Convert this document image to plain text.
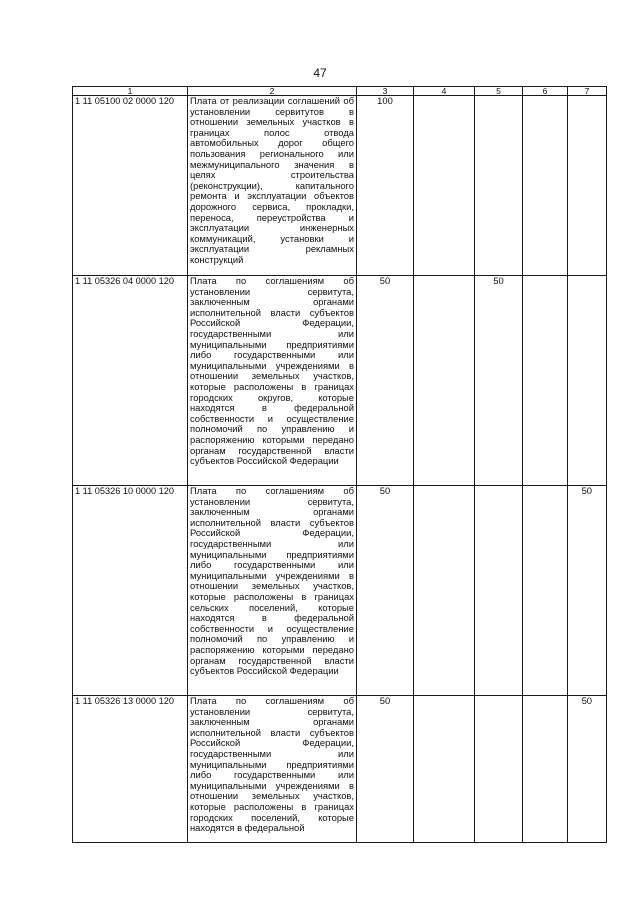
47
1	2	3	4	5	6	7
1 11 05100 02 0000 120	Плата от реализации соглашений об установлении сервитутов в отношении земельных участков в границах полос отвода автомобильных дорог общего пользования регионального или межмуниципального значения в целях строительства (реконструкции), капитального ремонта и эксплуатации объектов дорожного сервиса, прокладки, переноса, переустройства и эксплуатации инженерных коммуникаций, установки и эксплуатации рекламных конструкций	100				
1 11 05326 04 0000 120	Плата по соглашениям об установлении сервитута, заключенным органами исполнительной власти субъектов Российской Федерации, государственными или муниципальными предприятиями либо государственными или муниципальными учреждениями в отношении земельных участков, которые расположены в границах городских округов, которые находятся в федеральной собственности и осуществление полномочий по управлению и распоряжению которыми передано органам государственной власти субъектов Российской Федерации	50		50		
1 11 05326 10 0000 120	Плата по соглашениям об установлении сервитута, заключенным органами исполнительной власти субъектов Российской Федерации, государственными или муниципальными предприятиями либо государственными или муниципальными учреждениями в отношении земельных участков, которые расположены в границах сельских поселений, которые находятся в федеральной собственности и осуществление полномочий по управлению и распоряжению которыми передано органам государственной власти субъектов Российской Федерации	50				50
1 11 05326 13 0000 120	Плата по соглашениям об установлении сервитута, заключенным органами исполнительной власти субъектов Российской Федерации, государственными или муниципальными предприятиями либо государственными или муниципальными учреждениями в отношении земельных участков, которые расположены в границах городских поселений, которые находятся в федеральной	50				50
